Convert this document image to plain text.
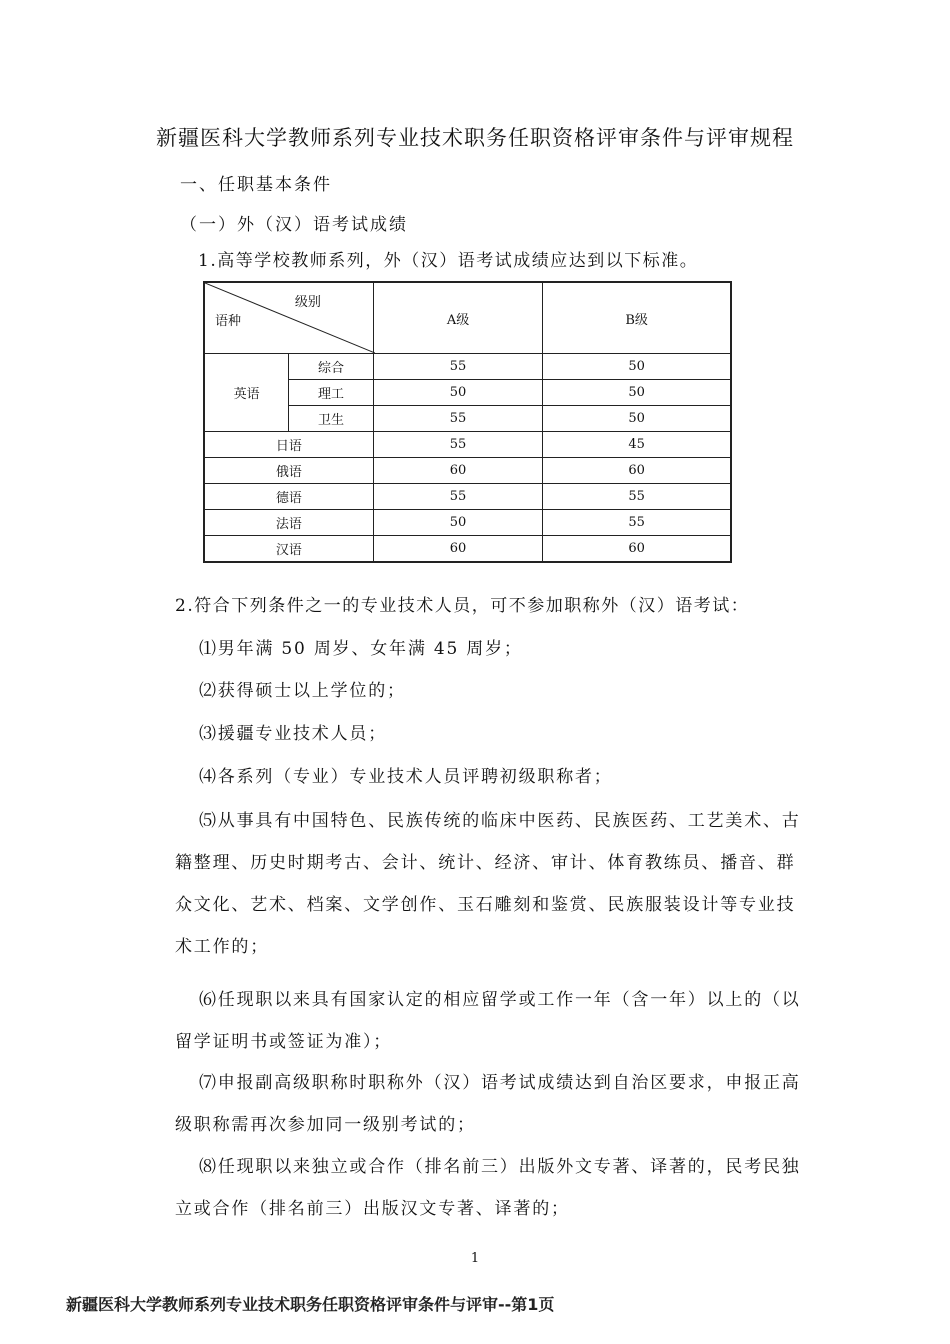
新疆医科大学教师系列专业技术职务任职资格评审条件与评审规程
一、任职基本条件
（一）外（汉）语考试成绩
1.高等学校教师系列，外（汉）语考试成绩应达到以下标准。
级别
语种		A级	B级
英语	综合	55	50
	理工	50	50
	卫生	55	50
日语		55	45
俄语		60	60
德语		55	55
法语		50	55
汉语		60	60
2.符合下列条件之一的专业技术人员，可不参加职称外（汉）语考试：
⑴男年满 50 周岁、女年满 45 周岁；
⑵获得硕士以上学位的；
⑶援疆专业技术人员；
⑷各系列（专业）专业技术人员评聘初级职称者；
⑸从事具有中国特色、民族传统的临床中医药、民族医药、工艺美术、古籍整理、历史时期考古、会计、统计、经济、审计、体育教练员、播音、群众文化、艺术、档案、文学创作、玉石雕刻和鉴赏、民族服装设计等专业技术工作的；
⑹任现职以来具有国家认定的相应留学或工作一年（含一年）以上的（以留学证明书或签证为准）；
⑺申报副高级职称时职称外（汉）语考试成绩达到自治区要求，申报正高级职称需再次参加同一级别考试的；
⑻任现职以来独立或合作（排名前三）出版外文专著、译著的，民考民独立或合作（排名前三）出版汉文专著、译著的；
1
新疆医科大学教师系列专业技术职务任职资格评审条件与评审--第1页
